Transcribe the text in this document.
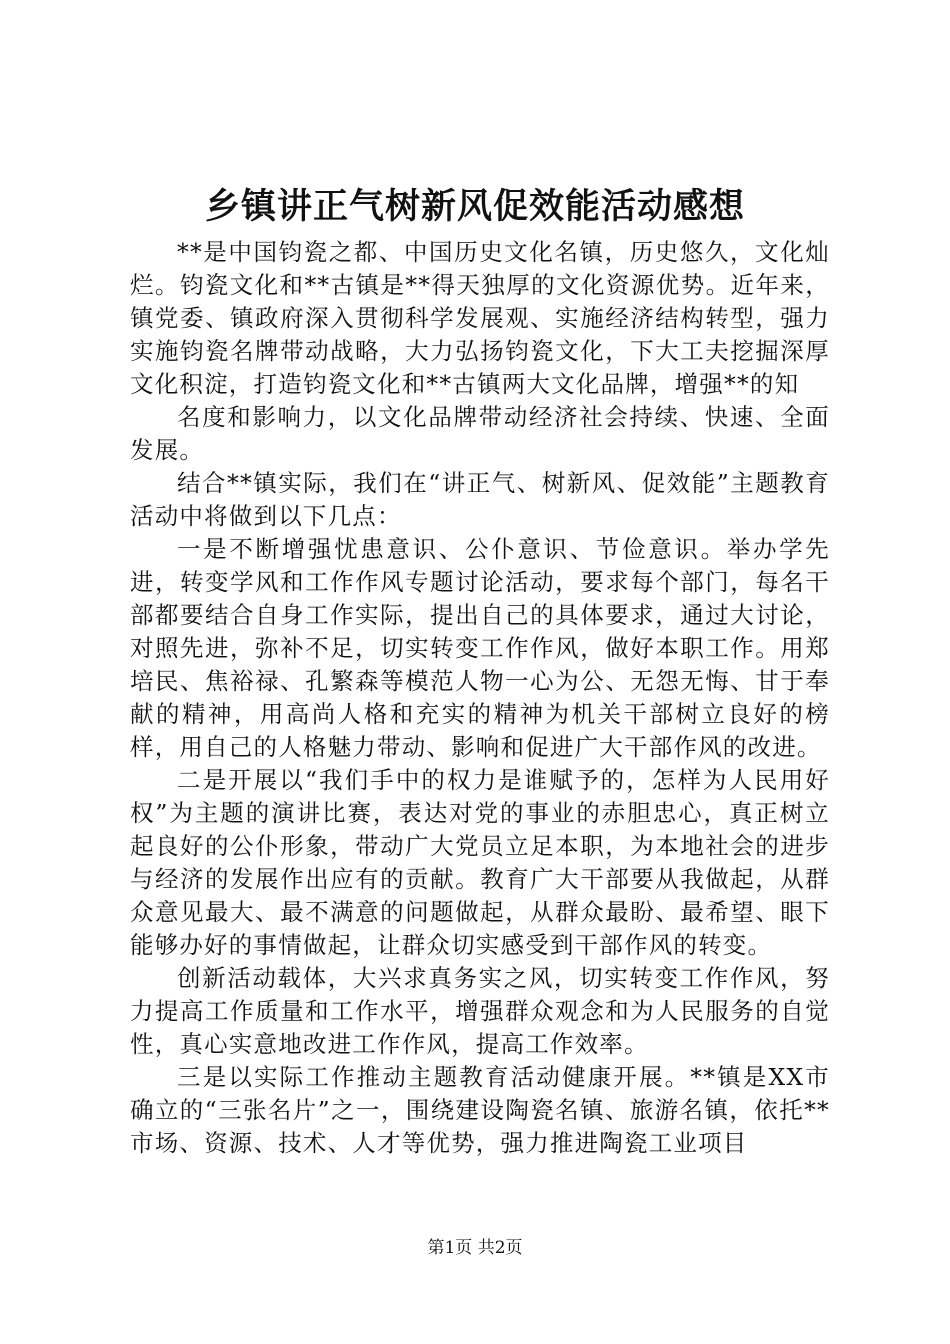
乡镇讲正气树新风促效能活动感想

**是中国钧瓷之都、中国历史文化名镇，历史悠久，文化灿烂。钧瓷文化和**古镇是**得天独厚的文化资源优势。近年来，镇党委、镇政府深入贯彻科学发展观、实施经济结构转型，强力实施钧瓷名牌带动战略，大力弘扬钧瓷文化，下大工夫挖掘深厚文化积淀，打造钧瓷文化和**古镇两大文化品牌，增强**的知

名度和影响力，以文化品牌带动经济社会持续、快速、全面发展。

结合**镇实际，我们在“讲正气、树新风、促效能”主题教育活动中将做到以下几点：

一是不断增强忧患意识、公仆意识、节俭意识。举办学先进，转变学风和工作作风专题讨论活动，要求每个部门，每名干部都要结合自身工作实际，提出自己的具体要求，通过大讨论，对照先进，弥补不足，切实转变工作作风，做好本职工作。用郑培民、焦裕禄、孔繁森等模范人物一心为公、无怨无悔、甘于奉献的精神，用高尚人格和充实的精神为机关干部树立良好的榜样，用自己的人格魅力带动、影响和促进广大干部作风的改进。

二是开展以“我们手中的权力是谁赋予的，怎样为人民用好权”为主题的演讲比赛，表达对党的事业的赤胆忠心，真正树立起良好的公仆形象，带动广大党员立足本职，为本地社会的进步与经济的发展作出应有的贡献。教育广大干部要从我做起，从群众意见最大、最不满意的问题做起，从群众最盼、最希望、眼下能够办好的事情做起，让群众切实感受到干部作风的转变。

创新活动载体，大兴求真务实之风，切实转变工作作风，努力提高工作质量和工作水平，增强群众观念和为人民服务的自觉性，真心实意地改进工作作风，提高工作效率。

三是以实际工作推动主题教育活动健康开展。**镇是XX市确立的“三张名片”之一，围绕建设陶瓷名镇、旅游名镇，依托**市场、资源、技术、人才等优势，强力推进陶瓷工业项目

第1页 共2页
